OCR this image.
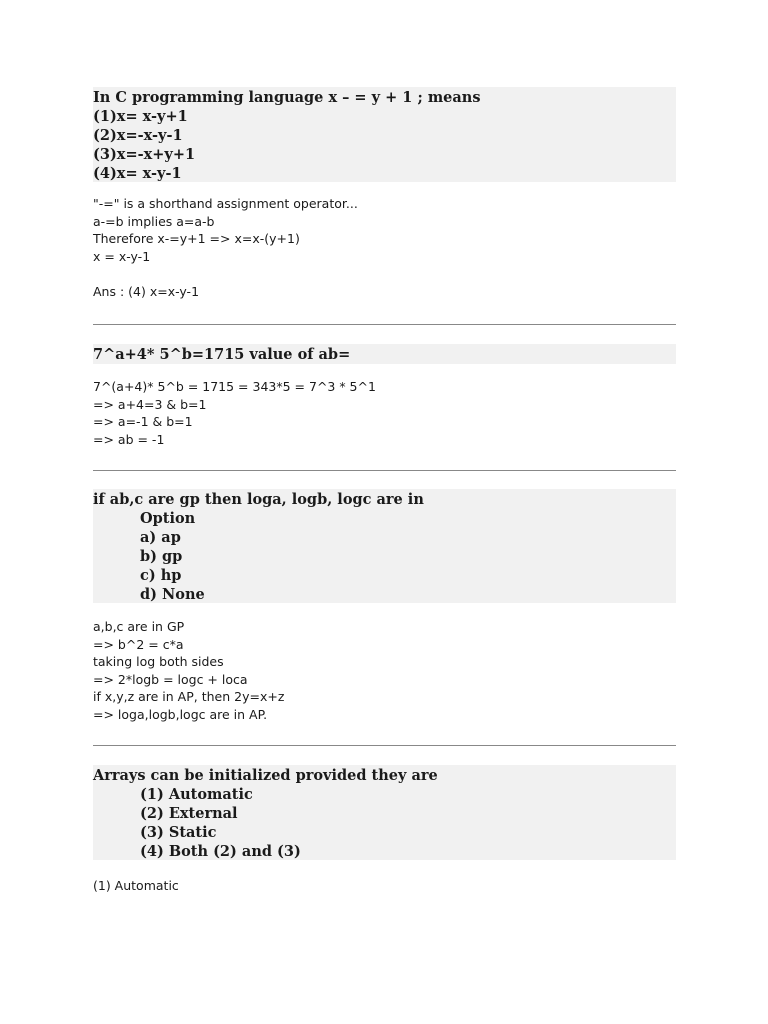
In C programming language x – = y + 1 ; means
(1)x= x-y+1
(2)x=-x-y-1
(3)x=-x+y+1
(4)x= x-y-1
"-=" is a shorthand assignment operator...
a-=b implies a=a-b
Therefore x-=y+1 => x=x-(y+1)
x = x-y-1
Ans : (4) x=x-y-1
7^a+4* 5^b=1715 value of ab=
7^(a+4)* 5^b = 1715 = 343*5 = 7^3 * 5^1
=> a+4=3 & b=1
=> a=-1 & b=1
=> ab = -1
if ab,c are gp then loga, logb, logc are in
Option
a) ap
b) gp
c) hp
d) None
a,b,c are in GP
=> b^2 = c*a
taking log both sides
=> 2*logb = logc + loca
if x,y,z are in AP, then 2y=x+z
=> loga,logb,logc are in AP.
Arrays can be initialized provided they are
(1) Automatic
(2) External
(3) Static
(4) Both (2) and (3)
(1) Automatic
